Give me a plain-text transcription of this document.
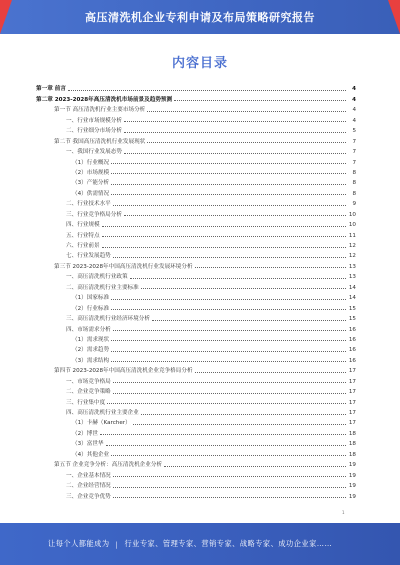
高压清洗机企业专利申请及布局策略研究报告
内容目录
第一章 前言	4
第二章 2023-2028年高压清洗机市场前景及趋势预测	4
第一节 高压清洗机行业主要市场分析	4
一、行业市场规模分析	4
二、行业细分市场分析	5
第二节 我国高压清洗机行业发展现状	7
一、我国行业发展态势	7
（1）行业概况	7
（2）市场规模	8
（3）产能分析	8
（4）供需情况	8
二、行业技术水平	9
三、行业竞争格局分析	10
四、行业规模	10
五、行业特点	11
六、行业前景	12
七、行业发展趋势	12
第三节 2023-2028年中国高压清洗机行业发展环境分析	13
一、高压清洗机行业政策	13
二、高压清洗机行业主要标准	14
（1）国家标准	14
（2）行业标准	15
三、高压清洗机行业经济环境分析	15
四、市场需求分析	16
（1）需求现状	16
（2）需求趋势	16
（3）需求结构	16
第四节 2023-2028年中国高压清洗机企业竞争格局分析	17
一、市场竞争格局	17
二、企业竞争策略	17
三、行业集中度	17
四、高压清洗机行业主要企业	17
（1）卡赫（Karcher）	17
（2）博世	18
（3）富世华	18
（4）其他企业	18
第五节 企业竞争分析：高压清洗机企业分析	19
一、企业基本情况	19
二、企业经营情况	19
三、企业竞争优势	19
1
让每个人都能成为 | 行业专家、管理专家、营销专家、战略专家、成功企业家……
